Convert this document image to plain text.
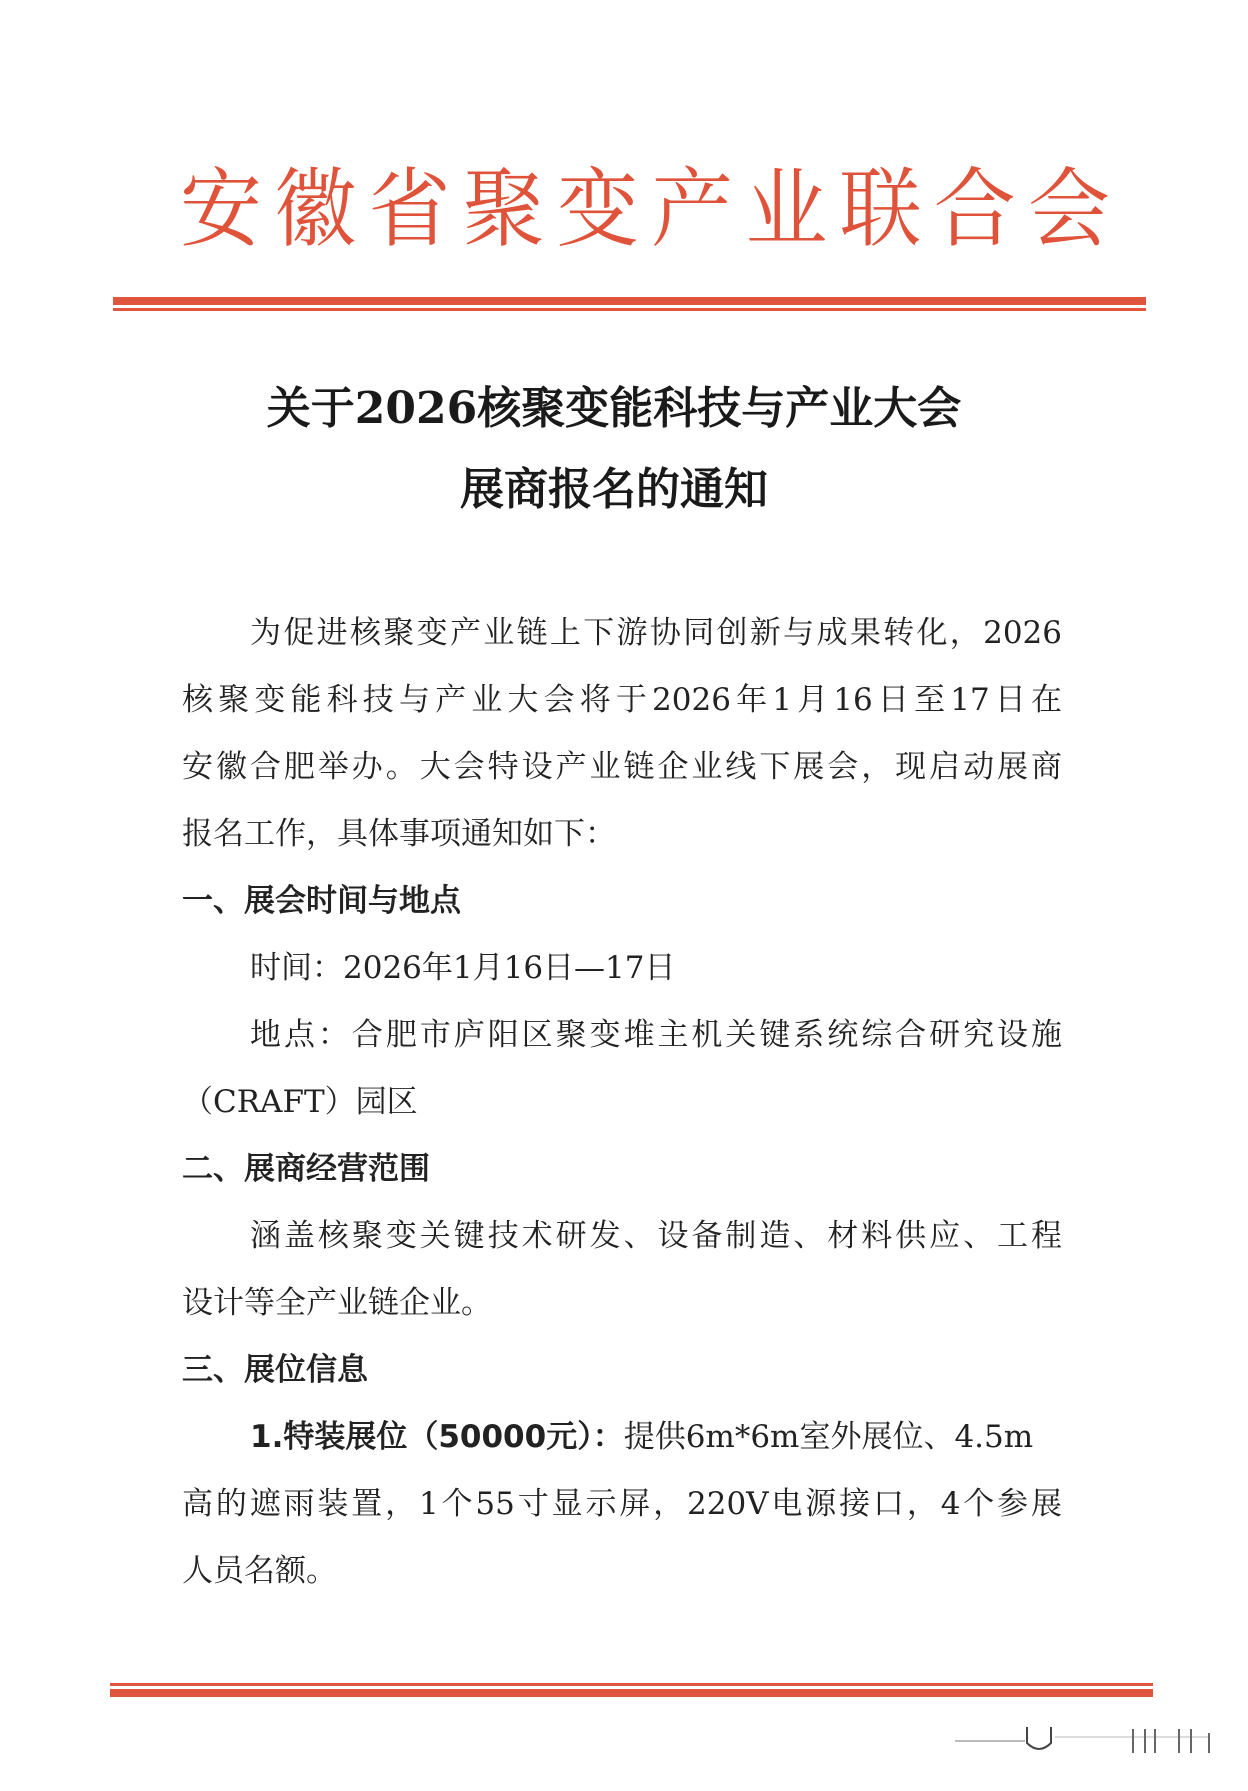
安徽省聚变产业联合会
关于2026核聚变能科技与产业大会
展商报名的通知
为促进核聚变产业链上下游协同创新与成果转化，2026
核聚变能科技与产业大会将于2026年1月16日至17日在
安徽合肥举办。大会特设产业链企业线下展会，现启动展商
报名工作，具体事项通知如下：
一、展会时间与地点
时间：2026年1月16日—17日
地点：合肥市庐阳区聚变堆主机关键系统综合研究设施
（CRAFT）园区
二、展商经营范围
涵盖核聚变关键技术研发、设备制造、材料供应、工程
设计等全产业链企业。
三、展位信息
1.特装展位（50000元）：提供6m*6m室外展位、4.5m
高的遮雨装置，1个55寸显示屏，220V电源接口，4个参展
人员名额。
